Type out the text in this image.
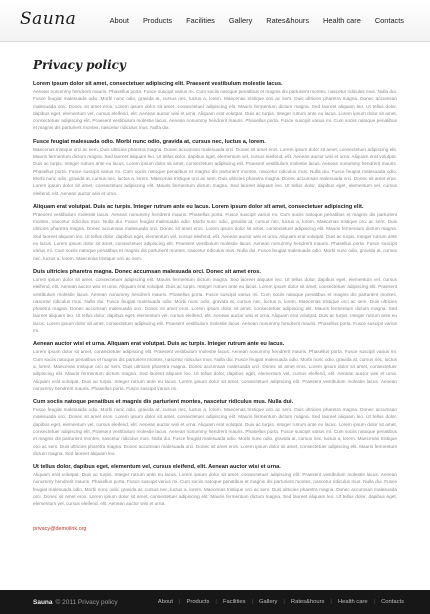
Sauna	About Products Facilities Gallery Rates&hours Health care Contacts
Privacy policy
Lorem ipsum dolor sit amet, consectetuer adipiscing elit. Praesent vestibulum molestie lacus.
Aenean nonummy hendrerit mauris. Phasellus porta. Fusce suscipit varius mi. Cum sociis natoque penatibus et magnis dis parturient montes, nascetur ridiculus mus. Nulla dui. Fusce feugiat malesuada odio. Morbi nunc odio, gravida at, cursus nec, luctus a, lorem. Maecenas tristique orci ac sem. Duis ultricies pharetra magna. Donec accumsan malesuada orci. Donec sit amet eros. Lorem ipsum dolor sit amet, consectetuer adipiscing elit. Mauris fermentum dictum magna. Sed laoreet aliquam leo. Ut tellus dolor, dapibus eget, elementum vel, cursus eleifend, elit. Aenean auctor wisi et urna. Aliquam erat volutpat. Duis ac turpis. Integer rutrum ante eu lacus. Lorem ipsum dolor sit amet, consectetuer adipiscing elit. Praesent vestibulum molestie lacus. Aenean nonummy hendrerit mauris. Phasellus porta. Fusce suscipit varius mi. Cum sociis natoque penatibus et magnis dis parturient montes, nascetur ridiculus mus. Nulla dui.
Fusce feugiat malesuada odio. Morbi nunc odio, gravida at, cursus nec, luctus a, lorem.
Maecenas tristique orci ac sem. Duis ultricies pharetra magna. Donec accumsan malesuada orci. Donec sit amet eros. Lorem ipsum dolor sit amet, consectetuer adipiscing elit. Mauris fermentum dictum magna. Sed laoreet aliquam leo. Ut tellus dolor, dapibus eget, elementum vel, cursus eleifend, elit. Aenean auctor wisi et urna. Aliquam erat volutpat. Duis ac turpis. Integer rutrum ante eu lacus. Lorem ipsum dolor sit amet, consectetuer adipiscing elit. Praesent vestibulum molestie lacus. Aenean nonummy hendrerit mauris. Phasellus porta. Fusce suscipit varius mi. Cum sociis natoque penatibus et magnis dis parturient montes, nascetur ridiculus mus. Nulla dui. Fusce feugiat malesuada odio. Morbi nunc odio, gravida at, cursus nec, luctus a, lorem. Maecenas tristique orci ac sem. Duis ultricies pharetra magna. Donec accumsan malesuada orci. Donec sit amet eros. Lorem ipsum dolor sit amet, consectetuer adipiscing elit. Mauris fermentum dictum magna. Sed laoreet aliquam leo. Ut tellus dolor, dapibus eget, elementum vel, cursus eleifend, elit. Aenean auctor wisi et urna.
Aliquam erat volutpat. Duis ac turpis. Integer rutrum ante eu lacus. Lorem ipsum dolor sit amet, consectetuer adipiscing elit.
Praesent vestibulum molestie lacus. Aenean nonummy hendrerit mauris. Phasellus porta. Fusce suscipit varius mi. Cum sociis natoque penatibus et magnis dis parturient montes, nascetur ridiculus mus. Nulla dui. Fusce feugiat malesuada odio. Morbi nunc odio, gravida at, cursus nec, luctus a, lorem. Maecenas tristique orci ac sem. Duis ultricies pharetra magna. Donec accumsan malesuada orci. Donec sit amet eros. Lorem ipsum dolor sit amet, consectetuer adipiscing elit. Mauris fermentum dictum magna. Sed laoreet aliquam leo. Ut tellus dolor, dapibus eget, elementum vel, cursus eleifend, elit. Aenean auctor wisi et urna. Aliquam erat volutpat. Duis ac turpis. Integer rutrum ante eu lacus. Lorem ipsum dolor sit amet, consectetuer adipiscing elit. Praesent vestibulum molestie lacus. Aenean nonummy hendrerit mauris. Phasellus porta. Fusce suscipit varius mi. Cum sociis natoque penatibus et magnis dis parturient montes, nascetur ridiculus mus. Nulla dui. Fusce feugiat malesuada odio. Morbi nunc odio, gravida at, cursus nec, luctus a, lorem. Maecenas tristique orci ac sem.
Duis ultricies pharetra magna. Donec accumsan malesuada orci. Donec sit amet eros.
Lorem ipsum dolor sit amet, consectetuer adipiscing elit. Mauris fermentum dictum magna. Sed laoreet aliquam leo. Ut tellus dolor, dapibus eget, elementum vel, cursus eleifend, elit. Aenean auctor wisi et urna. Aliquam erat volutpat. Duis ac turpis. Integer rutrum ante eu lacus. Lorem ipsum dolor sit amet, consectetuer adipiscing elit. Praesent vestibulum molestie lacus. Aenean nonummy hendrerit mauris. Phasellus porta. Fusce suscipit varius mi. Cum sociis natoque penatibus et magnis dis parturient montes, nascetur ridiculus mus. Nulla dui. Fusce feugiat malesuada odio. Morbi nunc odio, gravida at, cursus nec, luctus a, lorem. Maecenas tristique orci ac sem. Duis ultricies pharetra magna. Donec accumsan malesuada orci. Donec sit amet eros. Lorem ipsum dolor sit amet, consectetuer adipiscing elit. Mauris fermentum dictum magna. Sed laoreet aliquam leo. Ut tellus dolor, dapibus eget, elementum vel, cursus eleifend, elit. Aenean auctor wisi et urna. Aliquam erat volutpat. Duis ac turpis. Integer rutrum ante eu lacus. Lorem ipsum dolor sit amet, consectetuer adipiscing elit. Praesent vestibulum molestie lacus. Aenean nonummy hendrerit mauris. Phasellus porta. Fusce suscipit varius mi.
Aenean auctor wisi et urna. Aliquam erat volutpat. Duis ac turpis. Integer rutrum ante eu lacus.
Lorem ipsum dolor sit amet, consectetuer adipiscing elit. Praesent vestibulum molestie lacus. Aenean nonummy hendrerit mauris. Phasellus porta. Fusce suscipit varius mi. Cum sociis natoque penatibus et magnis dis parturient montes, nascetur ridiculus mus. Nulla dui. Fusce feugiat malesuada odio. Morbi nunc odio, gravida at, cursus nec, luctus a, lorem. Maecenas tristique orci ac sem. Duis ultricies pharetra magna. Donec accumsan malesuada orci. Donec sit amet eros. Lorem ipsum dolor sit amet, consectetuer adipiscing elit. Mauris fermentum dictum magna. Sed laoreet aliquam leo. Ut tellus dolor, dapibus eget, elementum vel, cursus eleifend, elit. Aenean auctor wisi et urna. Aliquam erat volutpat. Duis ac turpis. Integer rutrum ante eu lacus. Lorem ipsum dolor sit amet, consectetuer adipiscing elit. Praesent vestibulum molestie lacus. Aenean nonummy hendrerit mauris. Phasellus porta. Fusce suscipit varius mi.
Cum sociis natoque penatibus et magnis dis parturient montes, nascetur ridiculus mus. Nulla dui.
Fusce feugiat malesuada odio. Morbi nunc odio, gravida at, cursus nec, luctus a, lorem. Maecenas tristique orci ac sem. Duis ultricies pharetra magna. Donec accumsan malesuada orci. Donec sit amet eros. Lorem ipsum dolor sit amet, consectetuer adipiscing elit. Mauris fermentum dictum magna. Sed laoreet aliquam leo. Ut tellus dolor, dapibus eget, elementum vel, cursus eleifend, elit. Aenean auctor wisi et urna. Aliquam erat volutpat. Duis ac turpis. Integer rutrum ante eu lacus. Lorem ipsum dolor sit amet, consectetuer adipiscing elit. Praesent vestibulum molestie lacus. Aenean nonummy hendrerit mauris. Phasellus porta. Fusce suscipit varius mi. Cum sociis natoque penatibus et magnis dis parturient montes, nascetur ridiculus mus. Nulla dui. Fusce feugiat malesuada odio. Morbi nunc odio, gravida at, cursus nec, luctus a, lorem. Maecenas tristique orci ac sem. Duis ultricies pharetra magna. Donec accumsan malesuada orci. Donec sit amet eros. Lorem ipsum dolor sit amet, consectetuer adipiscing elit. Mauris fermentum dictum magna. Sed laoreet aliquam leo.
Ut tellus dolor, dapibus eget, elementum vel, cursus eleifend, elit. Aenean auctor wisi et urna.
Aliquam erat volutpat. Duis ac turpis. Integer rutrum ante eu lacus. Lorem ipsum dolor sit amet, consectetuer adipiscing elit. Praesent vestibulum molestie lacus. Aenean nonummy hendrerit mauris. Phasellus porta. Fusce suscipit varius mi. Cum sociis natoque penatibus et magnis dis parturient montes, nascetur ridiculus mus. Nulla dui. Fusce feugiat malesuada odio. Morbi nunc odio, gravida at, cursus nec, luctus a, lorem. Maecenas tristique orci ac sem. Duis ultricies pharetra magna. Donec accumsan malesuada orci. Donec sit amet eros. Lorem ipsum dolor sit amet, consectetuer adipiscing elit. Mauris fermentum dictum magna. Sed laoreet aliquam leo. Ut tellus dolor, dapibus eget, elementum vel, cursus eleifend, elit. Aenean auctor wisi et urna.
privacy@demolink.org
Sauna © 2011 Privacy policy	About | Products | Facilities | Gallery | Rates&hours | Health care | Contacts
